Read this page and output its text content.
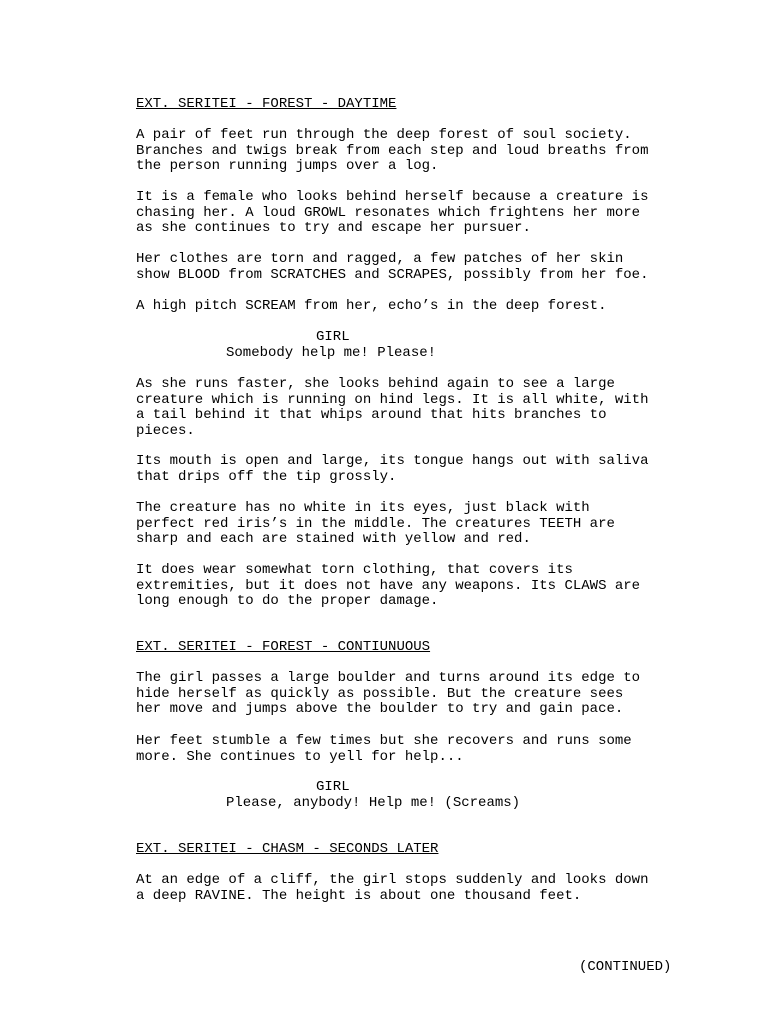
EXT. SERITEI - FOREST - DAYTIME
A pair of feet run through the deep forest of soul society.
Branches and twigs break from each step and loud breaths from
the person running jumps over a log.
It is a female who looks behind herself because a creature is
chasing her. A loud GROWL resonates which frightens her more
as she continues to try and escape her pursuer.
Her clothes are torn and ragged, a few patches of her skin
show BLOOD from SCRATCHES and SCRAPES, possibly from her foe.
A high pitch SCREAM from her, echo’s in the deep forest.
GIRL
Somebody help me! Please!
As she runs faster, she looks behind again to see a large
creature which is running on hind legs. It is all white, with
a tail behind it that whips around that hits branches to
pieces.
Its mouth is open and large, its tongue hangs out with saliva
that drips off the tip grossly.
The creature has no white in its eyes, just black with
perfect red iris’s in the middle. The creatures TEETH are
sharp and each are stained with yellow and red.
It does wear somewhat torn clothing, that covers its
extremities, but it does not have any weapons. Its CLAWS are
long enough to do the proper damage.
EXT. SERITEI - FOREST - CONTIUNUOUS
The girl passes a large boulder and turns around its edge to
hide herself as quickly as possible. But the creature sees
her move and jumps above the boulder to try and gain pace.
Her feet stumble a few times but she recovers and runs some
more. She continues to yell for help...
GIRL
Please, anybody! Help me! (Screams)
EXT. SERITEI - CHASM - SECONDS LATER
At an edge of a cliff, the girl stops suddenly and looks down
a deep RAVINE. The height is about one thousand feet.
(CONTINUED)
